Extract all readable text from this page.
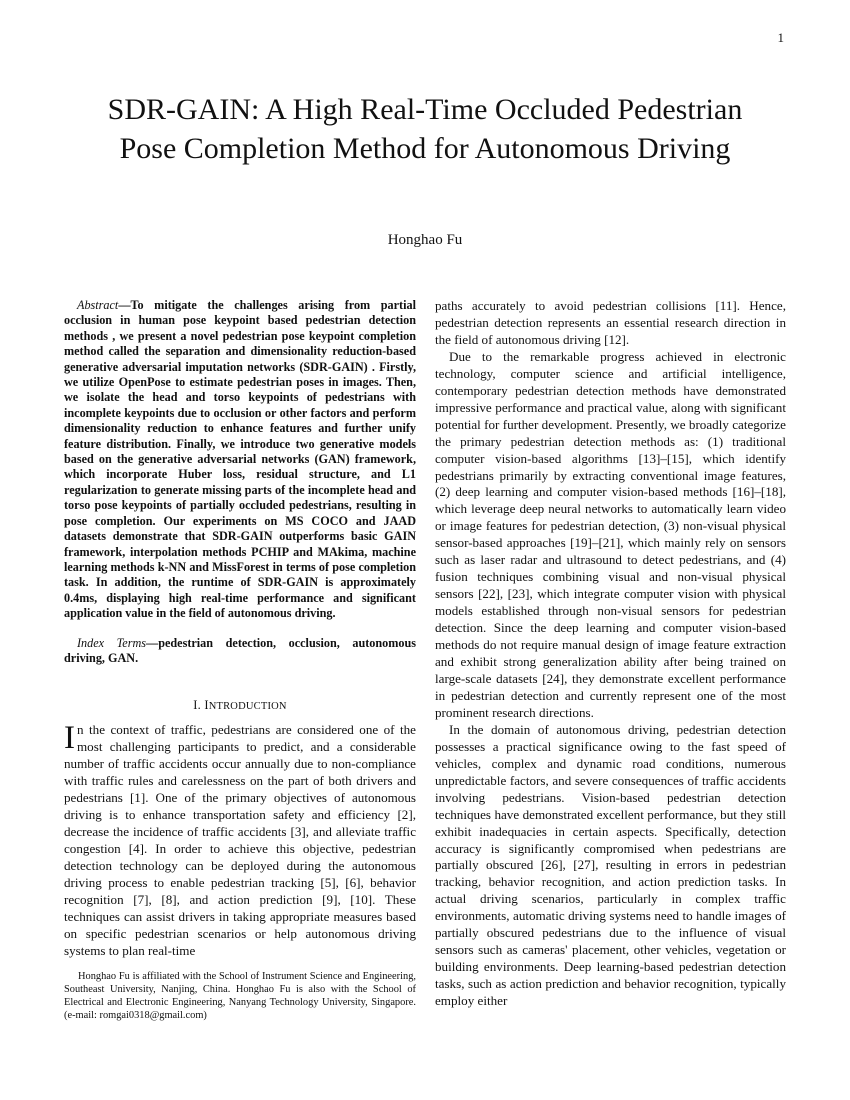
1
SDR-GAIN: A High Real-Time Occluded Pedestrian Pose Completion Method for Autonomous Driving
Honghao Fu

Abstract—To mitigate the challenges arising from partial occlusion in human pose keypoint based pedestrian detection methods , we present a novel pedestrian pose keypoint completion method called the separation and dimensionality reduction-based generative adversarial imputation networks (SDR-GAIN) . Firstly, we utilize OpenPose to estimate pedestrian poses in images. Then, we isolate the head and torso keypoints of pedestrians with incomplete keypoints due to occlusion or other factors and perform dimensionality reduction to enhance features and further unify feature distribution. Finally, we introduce two generative models based on the generative adversarial networks (GAN) framework, which incorporate Huber loss, residual structure, and L1 regularization to generate missing parts of the incomplete head and torso pose keypoints of partially occluded pedestrians, resulting in pose completion. Our experiments on MS COCO and JAAD datasets demonstrate that SDR-GAIN outperforms basic GAIN framework, interpolation methods PCHIP and MAkima, machine learning methods k-NN and MissForest in terms of pose completion task. In addition, the runtime of SDR-GAIN is approximately 0.4ms, displaying high real-time performance and significant application value in the field of autonomous driving.

Index Terms—pedestrian detection, occlusion, autonomous driving, GAN.

I. INTRODUCTION

In the context of traffic, pedestrians are considered one of the most challenging participants to predict, and a considerable number of traffic accidents occur annually due to non-compliance with traffic rules and carelessness on the part of both drivers and pedestrians [1]. One of the primary objectives of autonomous driving is to enhance transportation safety and efficiency [2], decrease the incidence of traffic accidents [3], and alleviate traffic congestion [4]. In order to achieve this objective, pedestrian detection technology can be deployed during the autonomous driving process to enable pedestrian tracking [5], [6], behavior recognition [7], [8], and action prediction [9], [10]. These techniques can assist drivers in taking appropriate measures based on specific pedestrian scenarios or help autonomous driving systems to plan real-time

Honghao Fu is affiliated with the School of Instrument Science and Engineering, Southeast University, Nanjing, China. Honghao Fu is also with the School of Electrical and Electronic Engineering, Nanyang Technology University, Singapore. (e-mail: romgai0318@gmail.com)

paths accurately to avoid pedestrian collisions [11]. Hence, pedestrian detection represents an essential research direction in the field of autonomous driving [12].

Due to the remarkable progress achieved in electronic technology, computer science and artificial intelligence, contemporary pedestrian detection methods have demonstrated impressive performance and practical value, along with significant potential for further development. Presently, we broadly categorize the primary pedestrian detection methods as: (1) traditional computer vision-based algorithms [13]–[15], which identify pedestrians primarily by extracting conventional image features, (2) deep learning and computer vision-based methods [16]–[18], which leverage deep neural networks to automatically learn video or image features for pedestrian detection, (3) non-visual physical sensor-based approaches [19]–[21], which mainly rely on sensors such as laser radar and ultrasound to detect pedestrians, and (4) fusion techniques combining visual and non-visual physical sensors [22], [23], which integrate computer vision with physical models established through non-visual sensors for pedestrian detection. Since the deep learning and computer vision-based methods do not require manual design of image feature extraction and exhibit strong generalization ability after being trained on large-scale datasets [24], they demonstrate excellent performance in pedestrian detection and currently represent one of the most prominent research directions.

In the domain of autonomous driving, pedestrian detection possesses a practical significance owing to the fast speed of vehicles, complex and dynamic road conditions, numerous unpredictable factors, and severe consequences of traffic accidents involving pedestrians. Vision-based pedestrian detection techniques have demonstrated excellent performance, but they still exhibit inadequacies in certain aspects. Specifically, detection accuracy is significantly compromised when pedestrians are partially obscured [26], [27], resulting in errors in pedestrian tracking, behavior recognition, and action prediction tasks. In actual driving scenarios, particularly in complex traffic environments, automatic driving systems need to handle images of partially obscured pedestrians due to the influence of visual sensors such as cameras' placement, other vehicles, vegetation or building environments. Deep learning-based pedestrian detection tasks, such as action prediction and behavior recognition, typically employ either
